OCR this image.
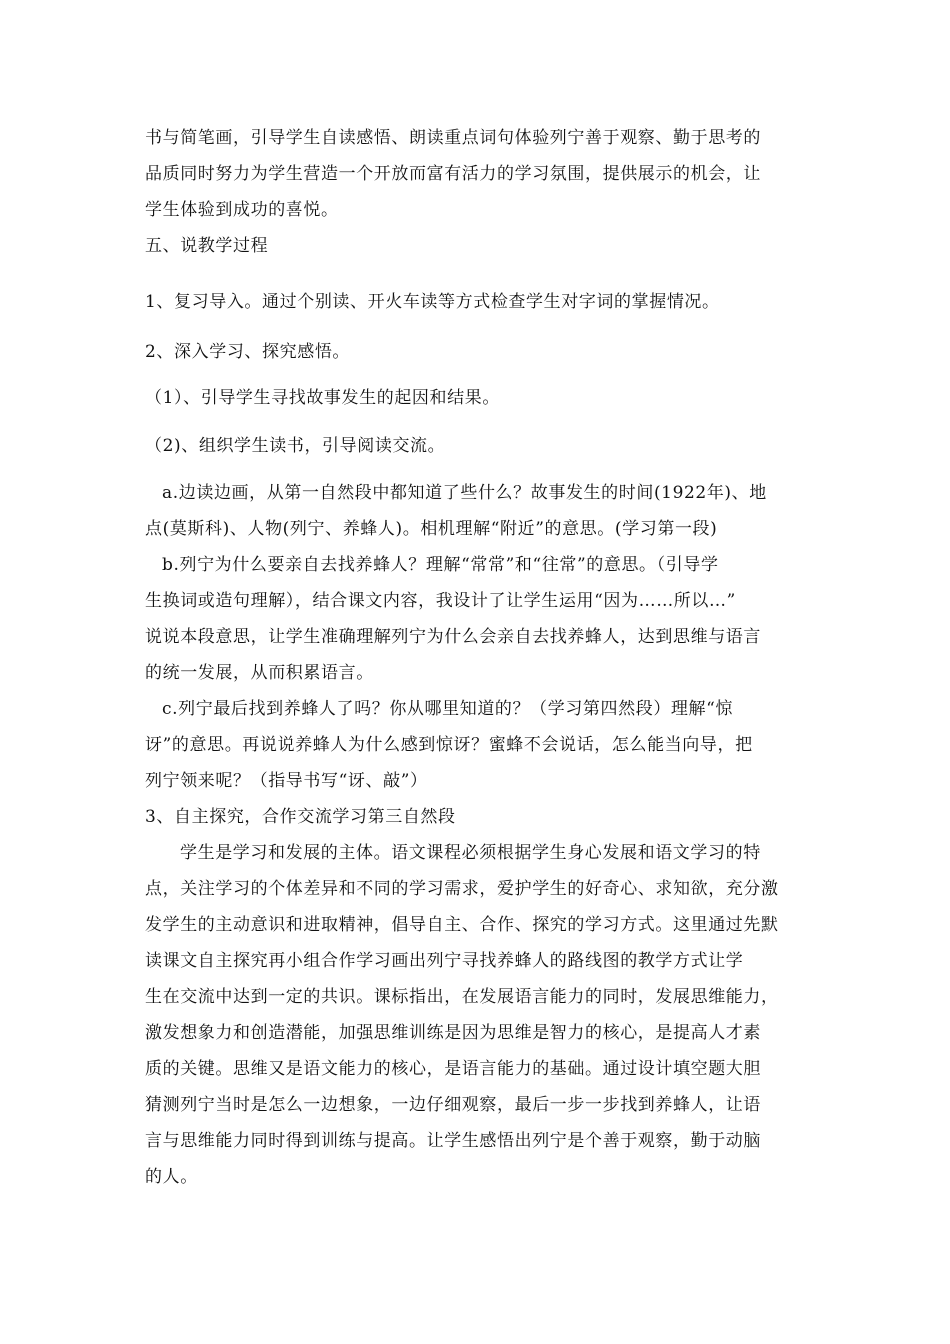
书与简笔画，引导学生自读感悟、朗读重点词句体验列宁善于观察、勤于思考的
品质同时努力为学生营造一个开放而富有活力的学习氛围，提供展示的机会，让
学生体验到成功的喜悦。
五、说教学过程
1、复习导入。通过个别读、开火车读等方式检查学生对字词的掌握情况。
2、深入学习、探究感悟。
（1）、引导学生寻找故事发生的起因和结果。
（2)、组织学生读书，引导阅读交流。
a.边读边画，从第一自然段中都知道了些什么？故事发生的时间(1922年)、地
点(莫斯科)、人物(列宁、养蜂人)。相机理解“附近”的意思。(学习第一段)
b.列宁为什么要亲自去找养蜂人？理解“常常”和“往常”的意思。（引导学
生换词或造句理解），结合课文内容，我设计了让学生运用“因为……所以…”
说说本段意思，让学生准确理解列宁为什么会亲自去找养蜂人，达到思维与语言
的统一发展，从而积累语言。
c.列宁最后找到养蜂人了吗？你从哪里知道的？（学习第四然段）理解“惊
讶”的意思。再说说养蜂人为什么感到惊讶？蜜蜂不会说话，怎么能当向导，把
列宁领来呢？（指导书写“讶、敲”）
3、自主探究，合作交流学习第三自然段
学生是学习和发展的主体。语文课程必须根据学生身心发展和语文学习的特
点，关注学习的个体差异和不同的学习需求，爱护学生的好奇心、求知欲，充分激
发学生的主动意识和进取精神，倡导自主、合作、探究的学习方式。这里通过先默
读课文自主探究再小组合作学习画出列宁寻找养蜂人的路线图的教学方式让学
生在交流中达到一定的共识。课标指出，在发展语言能力的同时，发展思维能力，
激发想象力和创造潜能，加强思维训练是因为思维是智力的核心，是提高人才素
质的关键。思维又是语文能力的核心，是语言能力的基础。通过设计填空题大胆
猜测列宁当时是怎么一边想象，一边仔细观察，最后一步一步找到养蜂人，让语
言与思维能力同时得到训练与提高。让学生感悟出列宁是个善于观察，勤于动脑
的人。
